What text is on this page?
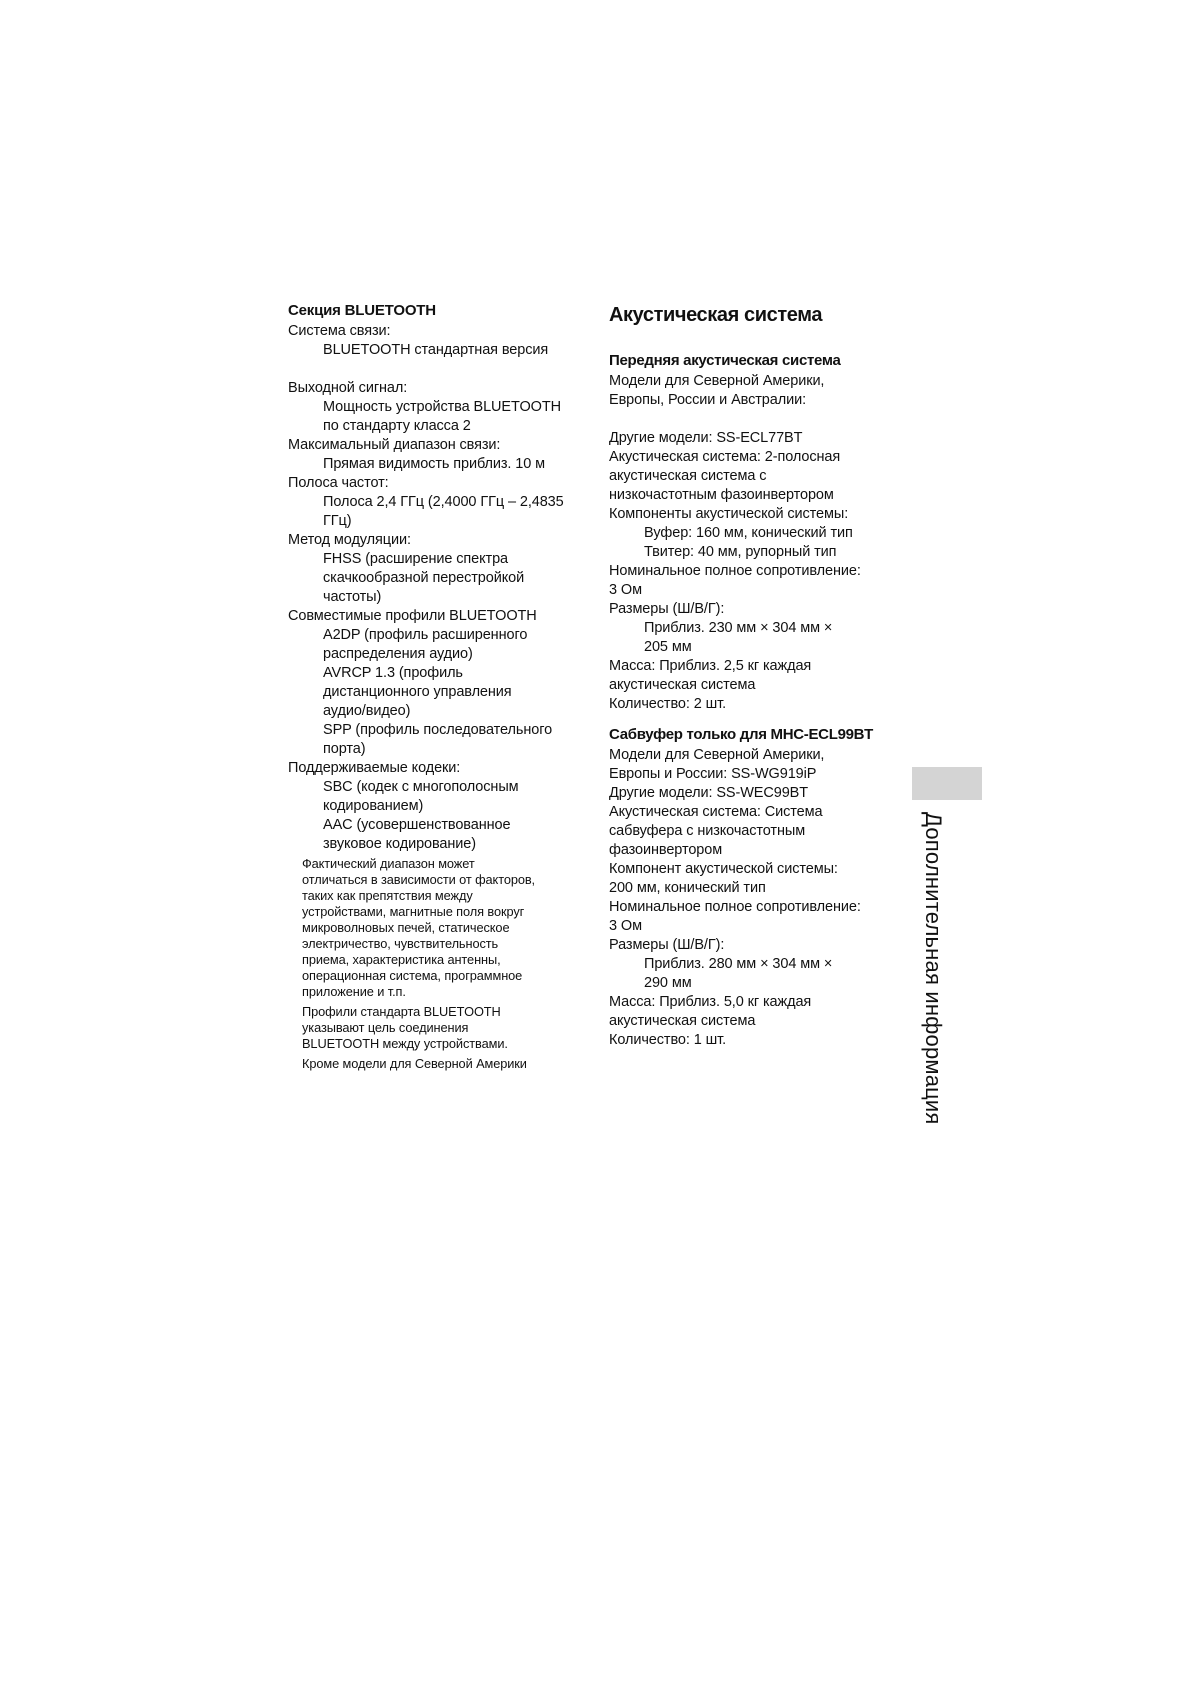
Секция BLUETOOTH
Система связи:
BLUETOOTH стандартная версия
Выходной сигнал:
Мощность устройства BLUETOOTH
по стандарту класса 2
Максимальный диапазон связи:
Прямая видимость приблиз. 10 м
Полоса частот:
Полоса 2,4 ГГц (2,4000 ГГц – 2,4835
ГГц)
Метод модуляции:
FHSS (расширение спектра
скачкообразной перестройкой
частоты)
Совместимые профили BLUETOOTH
A2DP (профиль расширенного
распределения аудио)
AVRCP 1.3 (профиль
дистанционного управления
аудио/видео)
SPP (профиль последовательного
порта)
Поддерживаемые кодеки:
SBC (кодек с многополосным
кодированием)
AAC (усовершенствованное
звуковое кодирование)
Фактический диапазон может
отличаться в зависимости от факторов,
таких как препятствия между
устройствами, магнитные поля вокруг
микроволновых печей, статическое
электричество, чувствительность
приема, характеристика антенны,
операционная система, программное
приложение и т.п.
Профили стандарта BLUETOOTH
указывают цель соединения
BLUETOOTH между устройствами.
Кроме модели для Северной Америки
Акустическая система
Передняя акустическая система
Модели для Северной Америки,
Европы, России и Австралии:
Другие модели: SS-ECL77BT
Акустическая система: 2-полосная
акустическая система с
низкочастотным фазоинвертором
Компоненты акустической системы:
Вуфер: 160 мм, конический тип
Твитер: 40 мм, рупорный тип
Номинальное полное сопротивление:
3 Ом
Размеры (Ш/В/Г):
Приблиз. 230 мм × 304 мм ×
205 мм
Масса: Приблиз. 2,5 кг каждая
акустическая система
Количество: 2 шт.
Сабвуфер только для MHC-ECL99BT
Модели для Северной Америки,
Европы и России: SS-WG919iP
Другие модели: SS-WEC99BT
Акустическая система: Система
сабвуфера с низкочастотным
фазоинвертором
Компонент акустической системы:
200 мм, конический тип
Номинальное полное сопротивление:
3 Ом
Размеры (Ш/В/Г):
Приблиз. 280 мм × 304 мм ×
290 мм
Масса: Приблиз. 5,0 кг каждая
акустическая система
Количество: 1 шт.	Дополнительная информация
